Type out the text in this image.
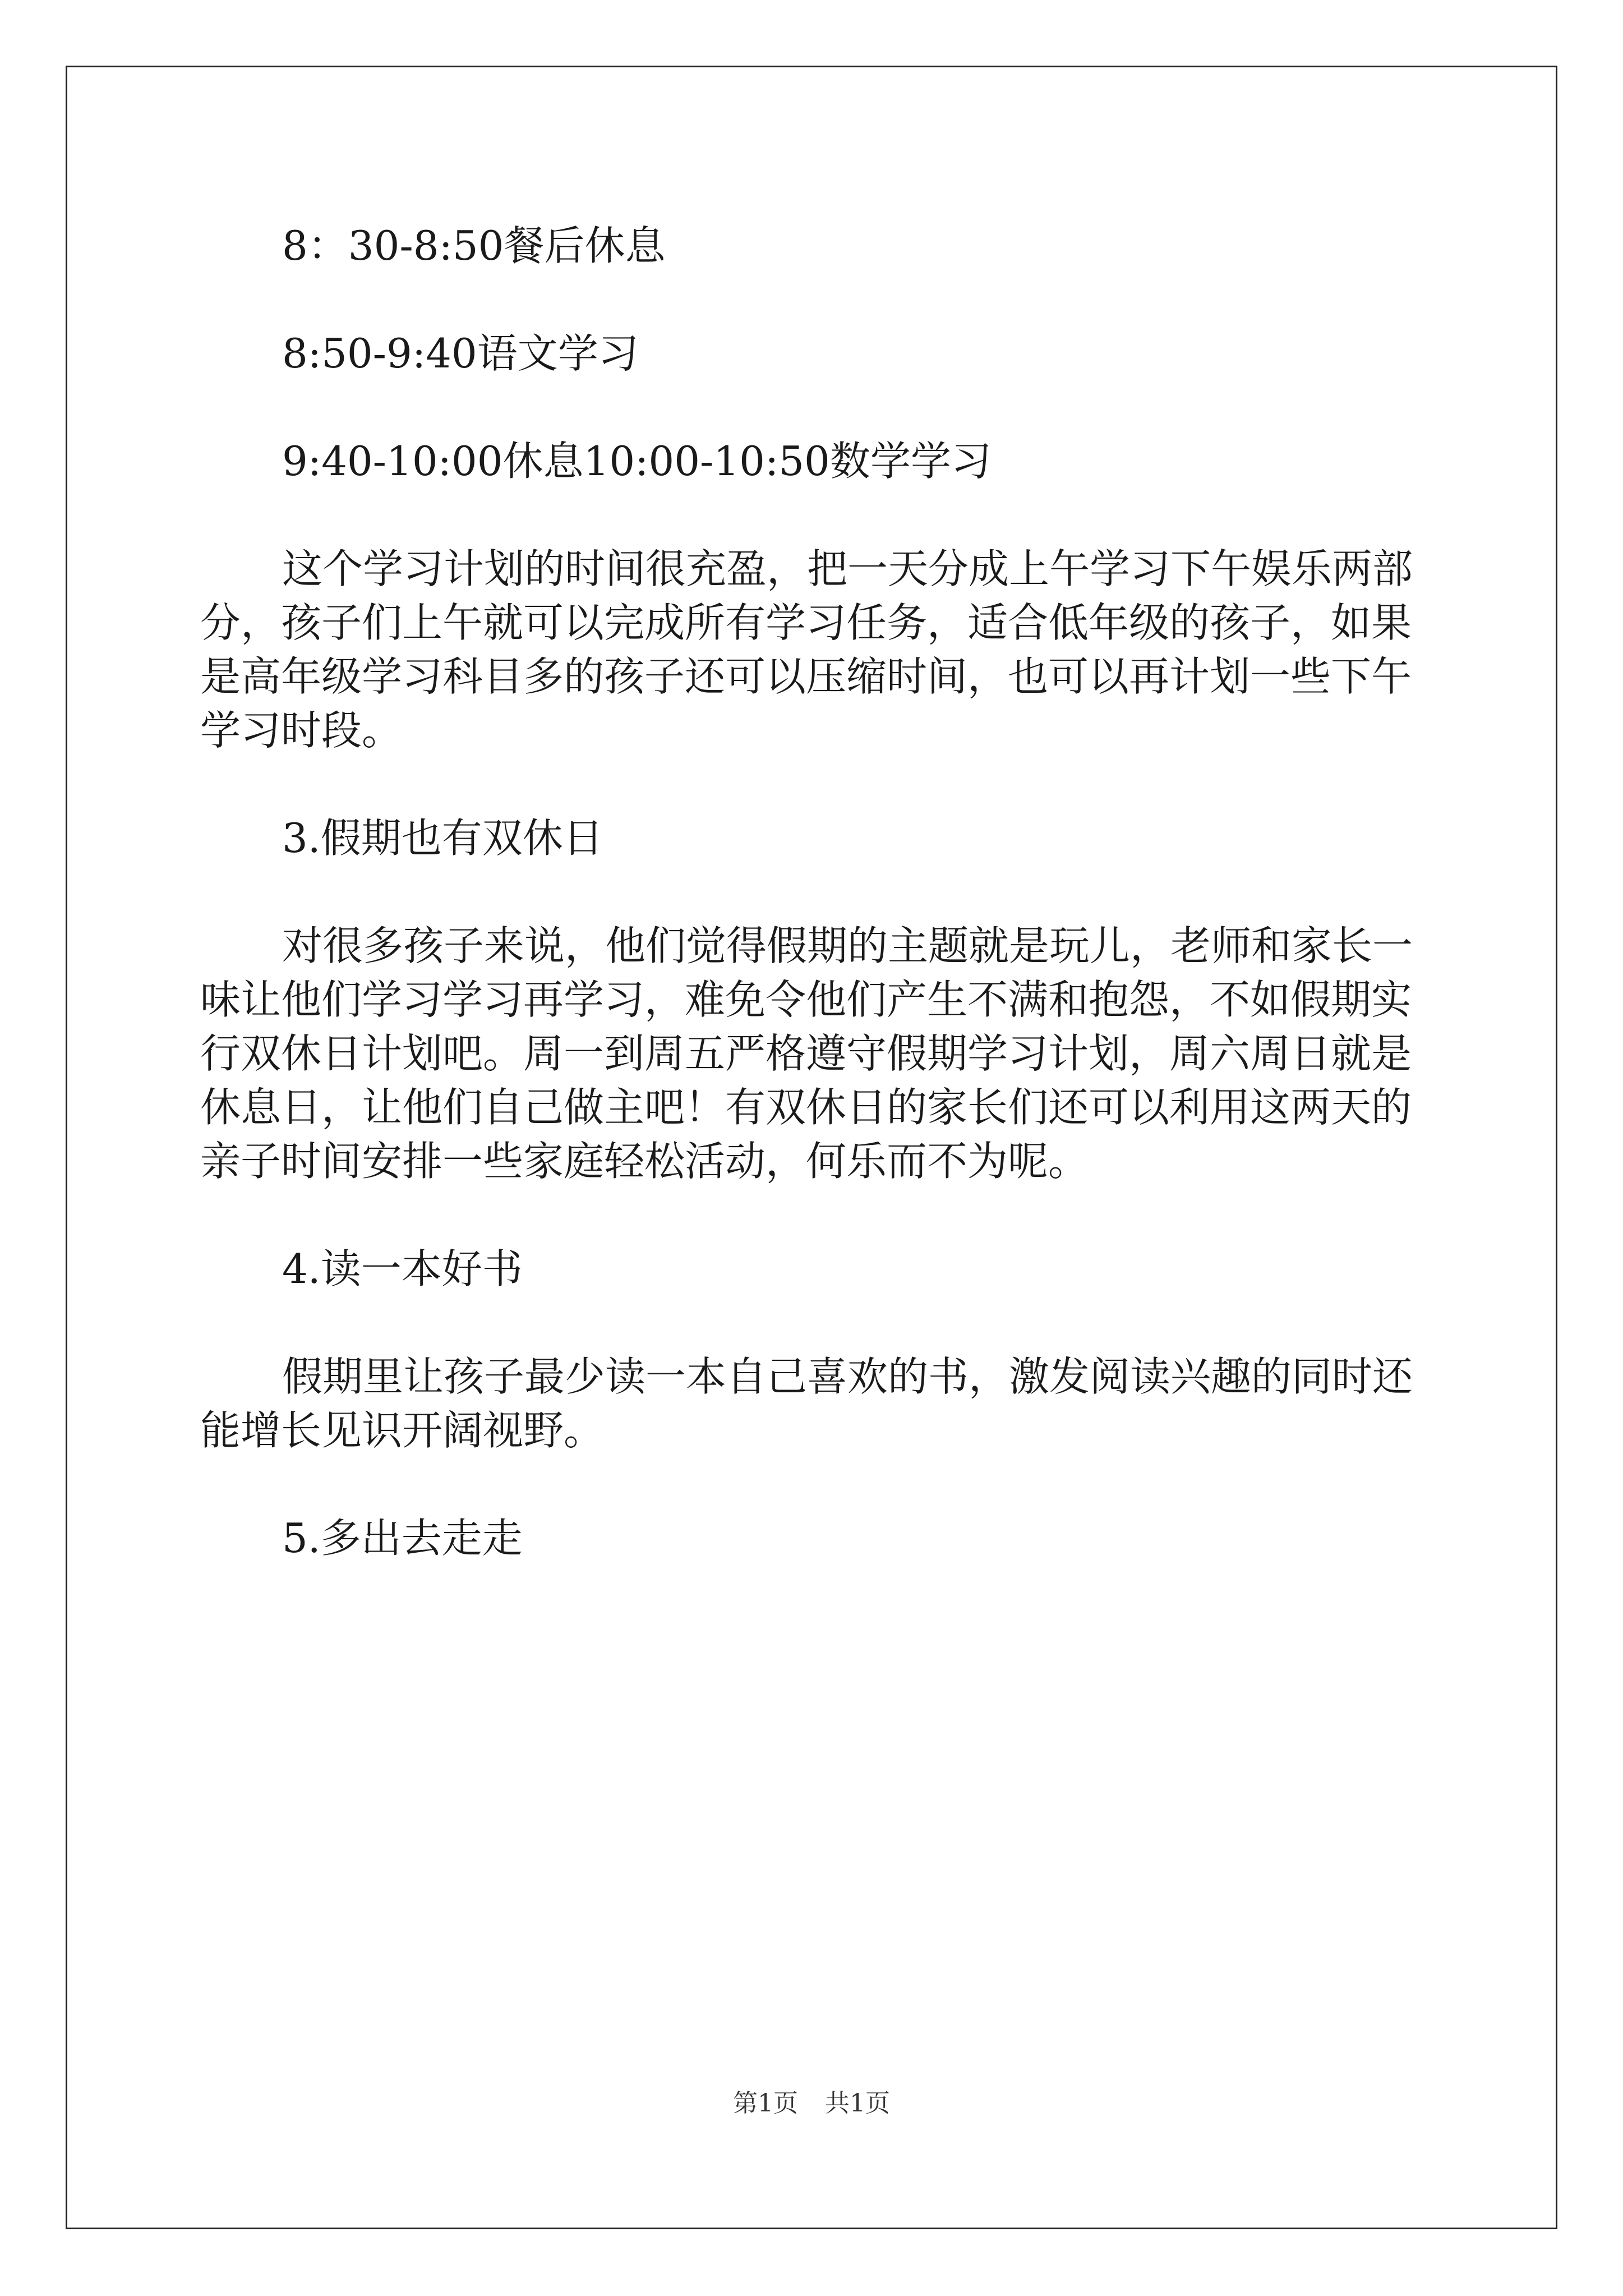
8：30-8:50餐后休息

8:50-9:40语文学习

9:40-10:00休息10:00-10:50数学学习

这个学习计划的时间很充盈，把一天分成上午学习下午娱乐两部

分，孩子们上午就可以完成所有学习任务，适合低年级的孩子，如果

是高年级学习科目多的孩子还可以压缩时间，也可以再计划一些下午

学习时段。

3.假期也有双休日

对很多孩子来说，他们觉得假期的主题就是玩儿，老师和家长一

味让他们学习学习再学习，难免令他们产生不满和抱怨，不如假期实

行双休日计划吧。周一到周五严格遵守假期学习计划，周六周日就是

休息日，让他们自己做主吧！有双休日的家长们还可以利用这两天的

亲子时间安排一些家庭轻松活动，何乐而不为呢。

4.读一本好书

假期里让孩子最少读一本自己喜欢的书，激发阅读兴趣的同时还

能增长见识开阔视野。

5.多出去走走

第1页 共1页
